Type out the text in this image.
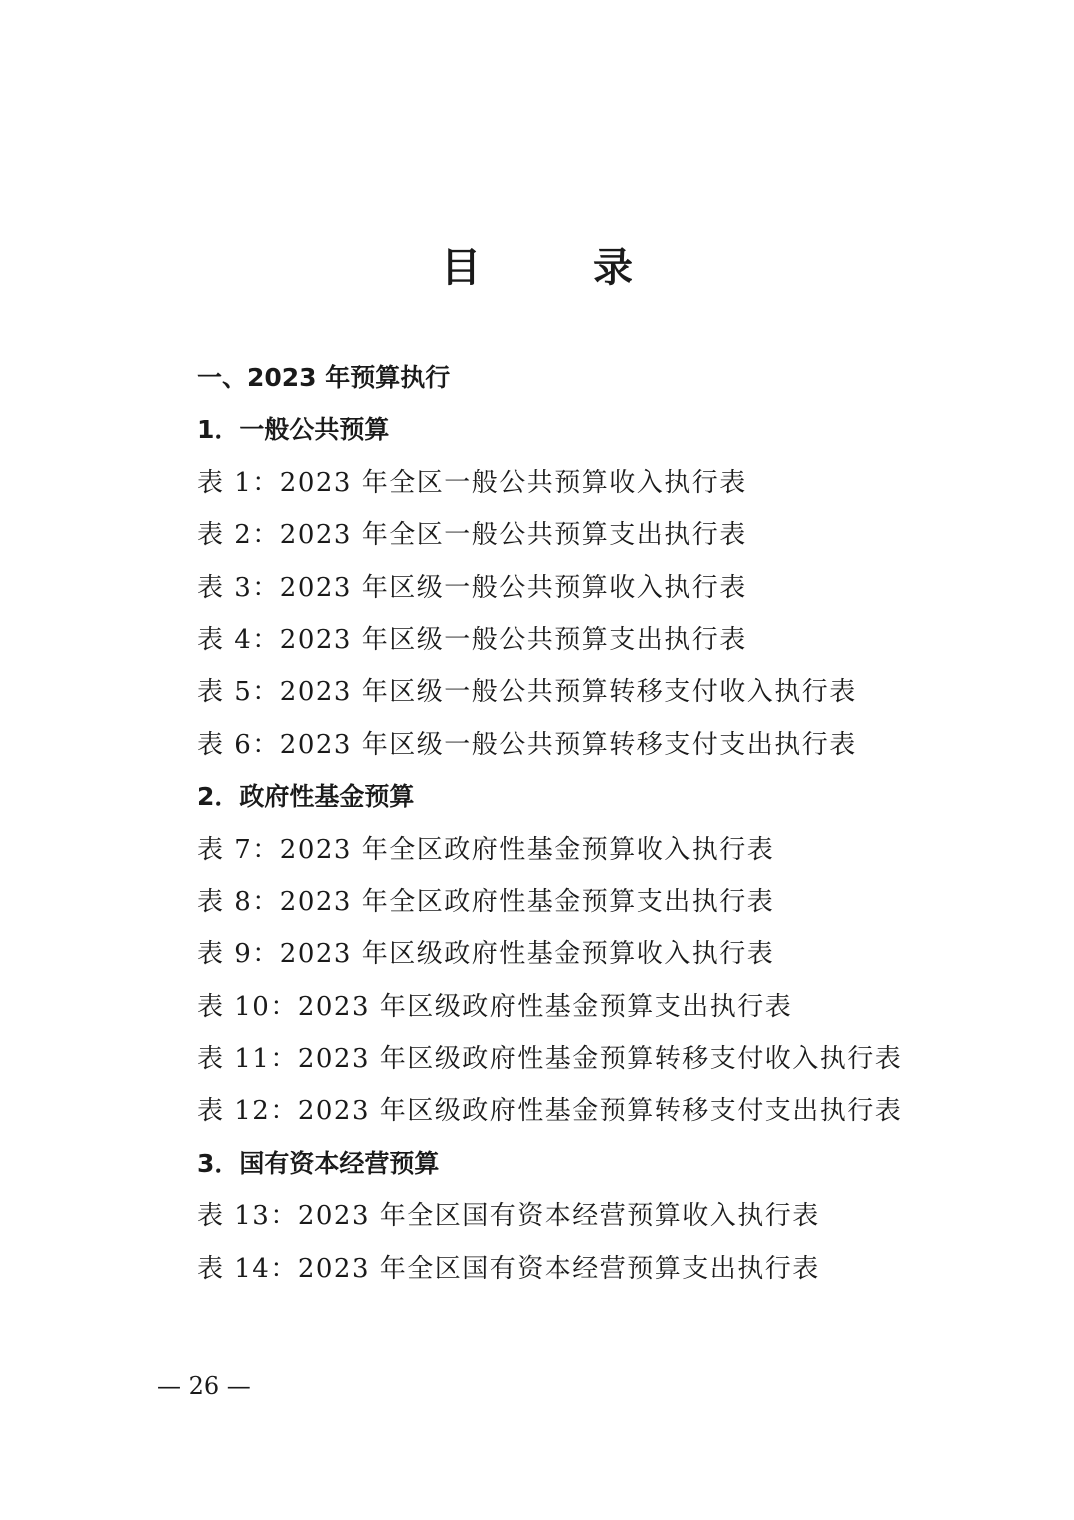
目　录
一、2023 年预算执行
1．一般公共预算
表 1：2023 年全区一般公共预算收入执行表
表 2：2023 年全区一般公共预算支出执行表
表 3：2023 年区级一般公共预算收入执行表
表 4：2023 年区级一般公共预算支出执行表
表 5：2023 年区级一般公共预算转移支付收入执行表
表 6：2023 年区级一般公共预算转移支付支出执行表
2．政府性基金预算
表 7：2023 年全区政府性基金预算收入执行表
表 8：2023 年全区政府性基金预算支出执行表
表 9：2023 年区级政府性基金预算收入执行表
表 10：2023 年区级政府性基金预算支出执行表
表 11：2023 年区级政府性基金预算转移支付收入执行表
表 12：2023 年区级政府性基金预算转移支付支出执行表
3．国有资本经营预算
表 13：2023 年全区国有资本经营预算收入执行表
表 14：2023 年全区国有资本经营预算支出执行表
— 26 —
